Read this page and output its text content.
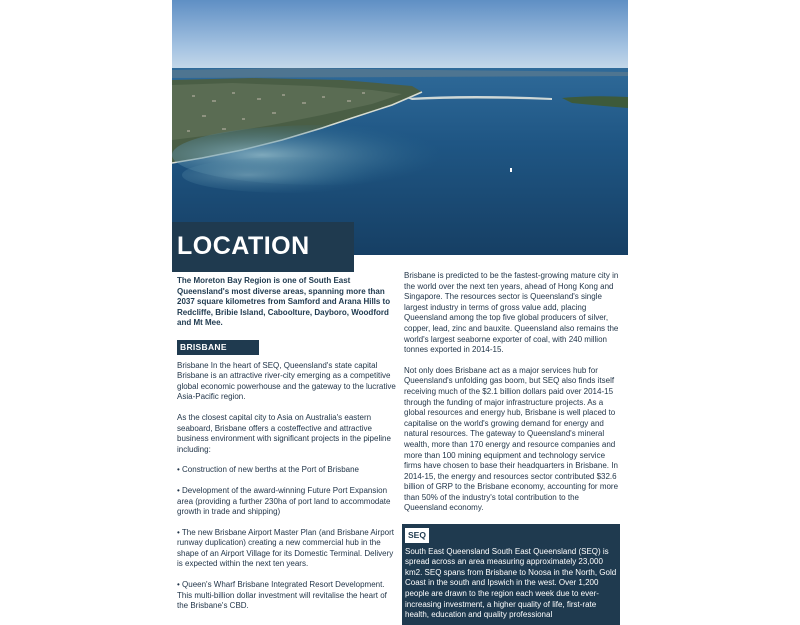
LOCATION

The Moreton Bay Region is one of South East Queensland's most diverse areas, spanning more than 2037 square kilometres from Samford and Arana Hills to Redcliffe, Bribie Island, Caboolture, Dayboro, Woodford and Mt Mee.

BRISBANE

Brisbane In the heart of SEQ, Queensland's state capital Brisbane is an attractive river-city emerging as a competitive global economic powerhouse and the gateway to the lucrative Asia-Pacific region.

As the closest capital city to Asia on Australia's eastern seaboard, Brisbane offers a costeffective and attractive business environment with significant projects in the pipeline including:

• Construction of new berths at the Port of Brisbane

• Development of the award-winning Future Port Expansion area (providing a further 230ha of port land to accommodate growth in trade and shipping)

• The new Brisbane Airport Master Plan (and Brisbane Airport runway duplication) creating a new commercial hub in the shape of an Airport Village for its Domestic Terminal. Delivery is expected within the next ten years.

• Queen's Wharf Brisbane Integrated Resort Development. This multi-billion dollar investment will revitalise the heart of the Brisbane's CBD.

Brisbane is predicted to be the fastest-growing mature city in the world over the next ten years, ahead of Hong Kong and Singapore. The resources sector is Queensland's single largest industry in terms of gross value add, placing Queensland among the top five global producers of silver, copper, lead, zinc and bauxite. Queensland also remains the world's largest seaborne exporter of coal, with 240 million tonnes exported in 2014-15.

Not only does Brisbane act as a major services hub for Queensland's unfolding gas boom, but SEQ also finds itself receiving much of the $2.1 billion dollars paid over 2014-15 through the funding of major infrastructure projects. As a global resources and energy hub, Brisbane is well placed to capitalise on the world's growing demand for energy and natural resources. The gateway to Queensland's mineral wealth, more than 170 energy and resource companies and more than 100 mining equipment and technology service firms have chosen to base their headquarters in Brisbane. In 2014-15, the energy and resources sector contributed $32.6 billion of GRP to the Brisbane economy, accounting for more than 50% of the industry's total contribution to the Queensland economy.

SEQ

South East Queensland South East Queensland (SEQ) is spread across an area measuring approximately 23,000 km2. SEQ spans from Brisbane to Noosa in the North, Gold Coast in the south and Ipswich in the west. Over 1,200 people are drawn to the region each week due to ever-increasing investment, a higher quality of life, first-rate health, education and quality professional
